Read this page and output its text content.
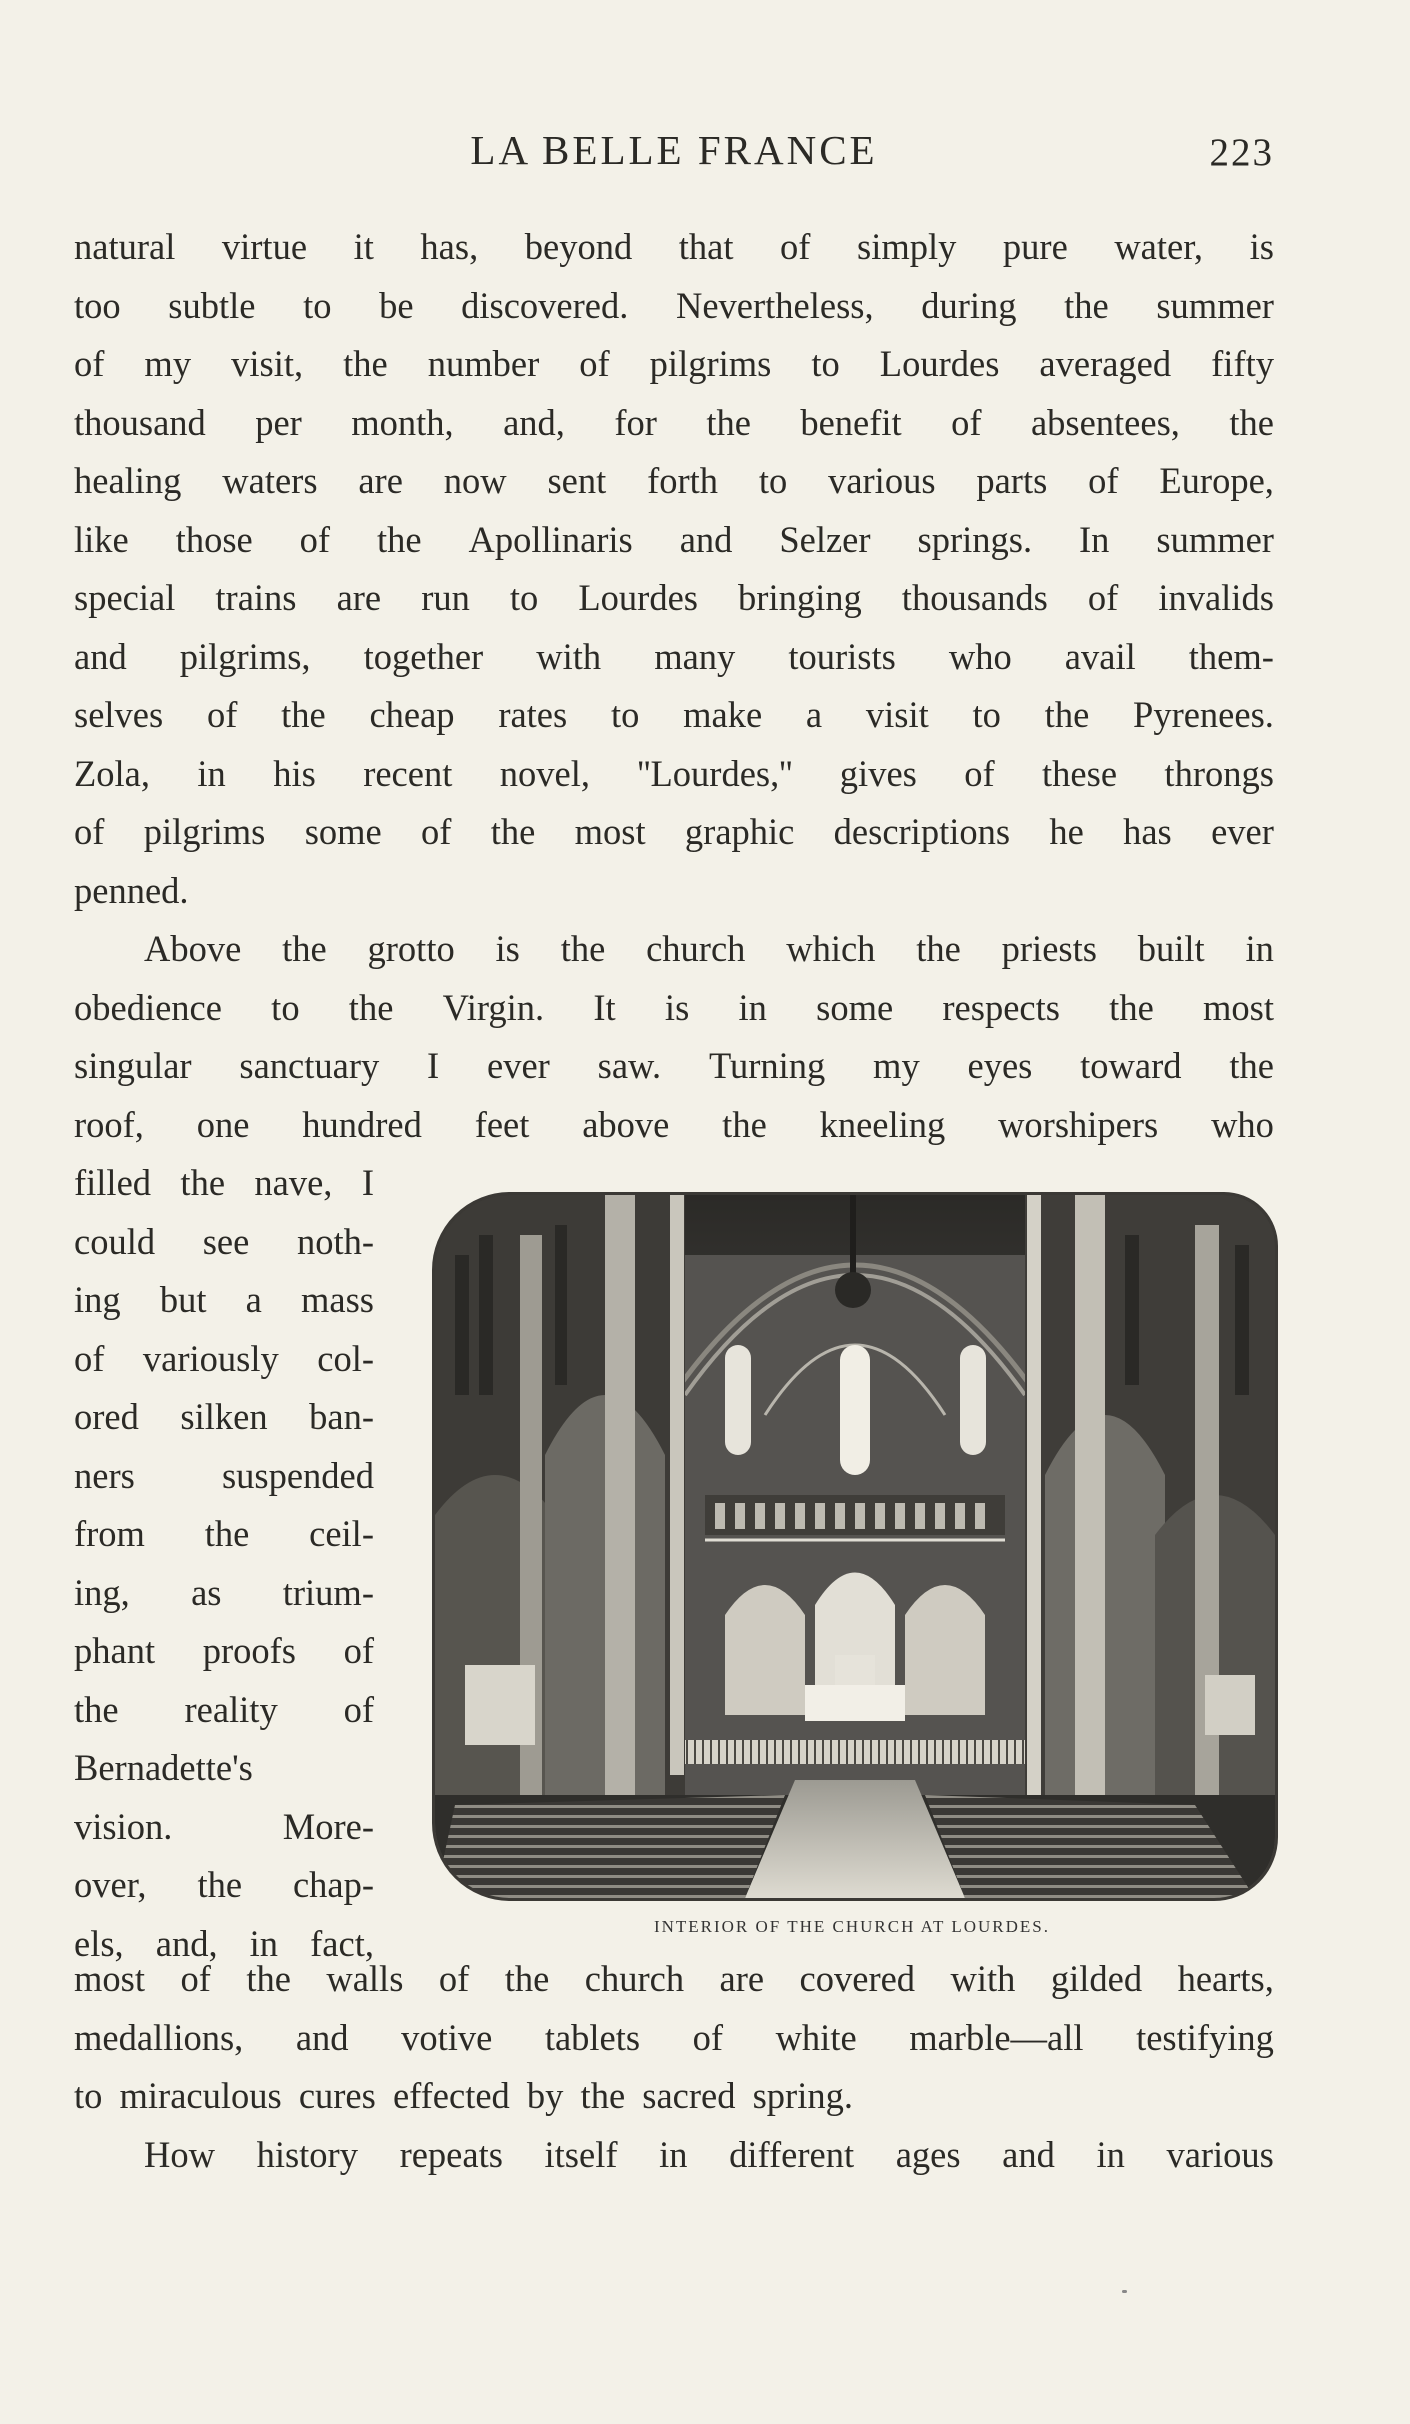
LA BELLE FRANCE	223
natural virtue it has, beyond that of simply pure water, is
too subtle to be discovered. Nevertheless, during the summer
of my visit, the number of pilgrims to Lourdes averaged fifty
thousand per month, and, for the benefit of absentees, the
healing waters are now sent forth to various parts of Europe,
like those of the Apollinaris and Selzer springs. In summer
special trains are run to Lourdes bringing thousands of invalids
and pilgrims, together with many tourists who avail them-
selves of the cheap rates to make a visit to the Pyrenees.
Zola, in his recent novel, ''Lourdes,'' gives of these throngs
of pilgrims some of the most graphic descriptions he has ever
penned.
Above the grotto is the church which the priests built in
obedience to the Virgin. It is in some respects the most
singular sanctuary I ever saw. Turning my eyes toward the
roof, one hundred feet above the kneeling worshipers who
filled the nave, I
could see noth-
ing but a mass
of variously col-
ored silken ban-
ners suspended
from the ceil-
ing, as trium-
phant proofs of
the reality of
Bernadette's
vision.	More-
over, the chap-
els, and, in fact,	INTERIOR OF THE CHURCH AT LOURDES.
most of the walls of the church are covered with gilded hearts,
medallions, and votive tablets of white marble—all testifying
to miraculous cures effected by the sacred spring.
How history repeats itself in different ages and in various
